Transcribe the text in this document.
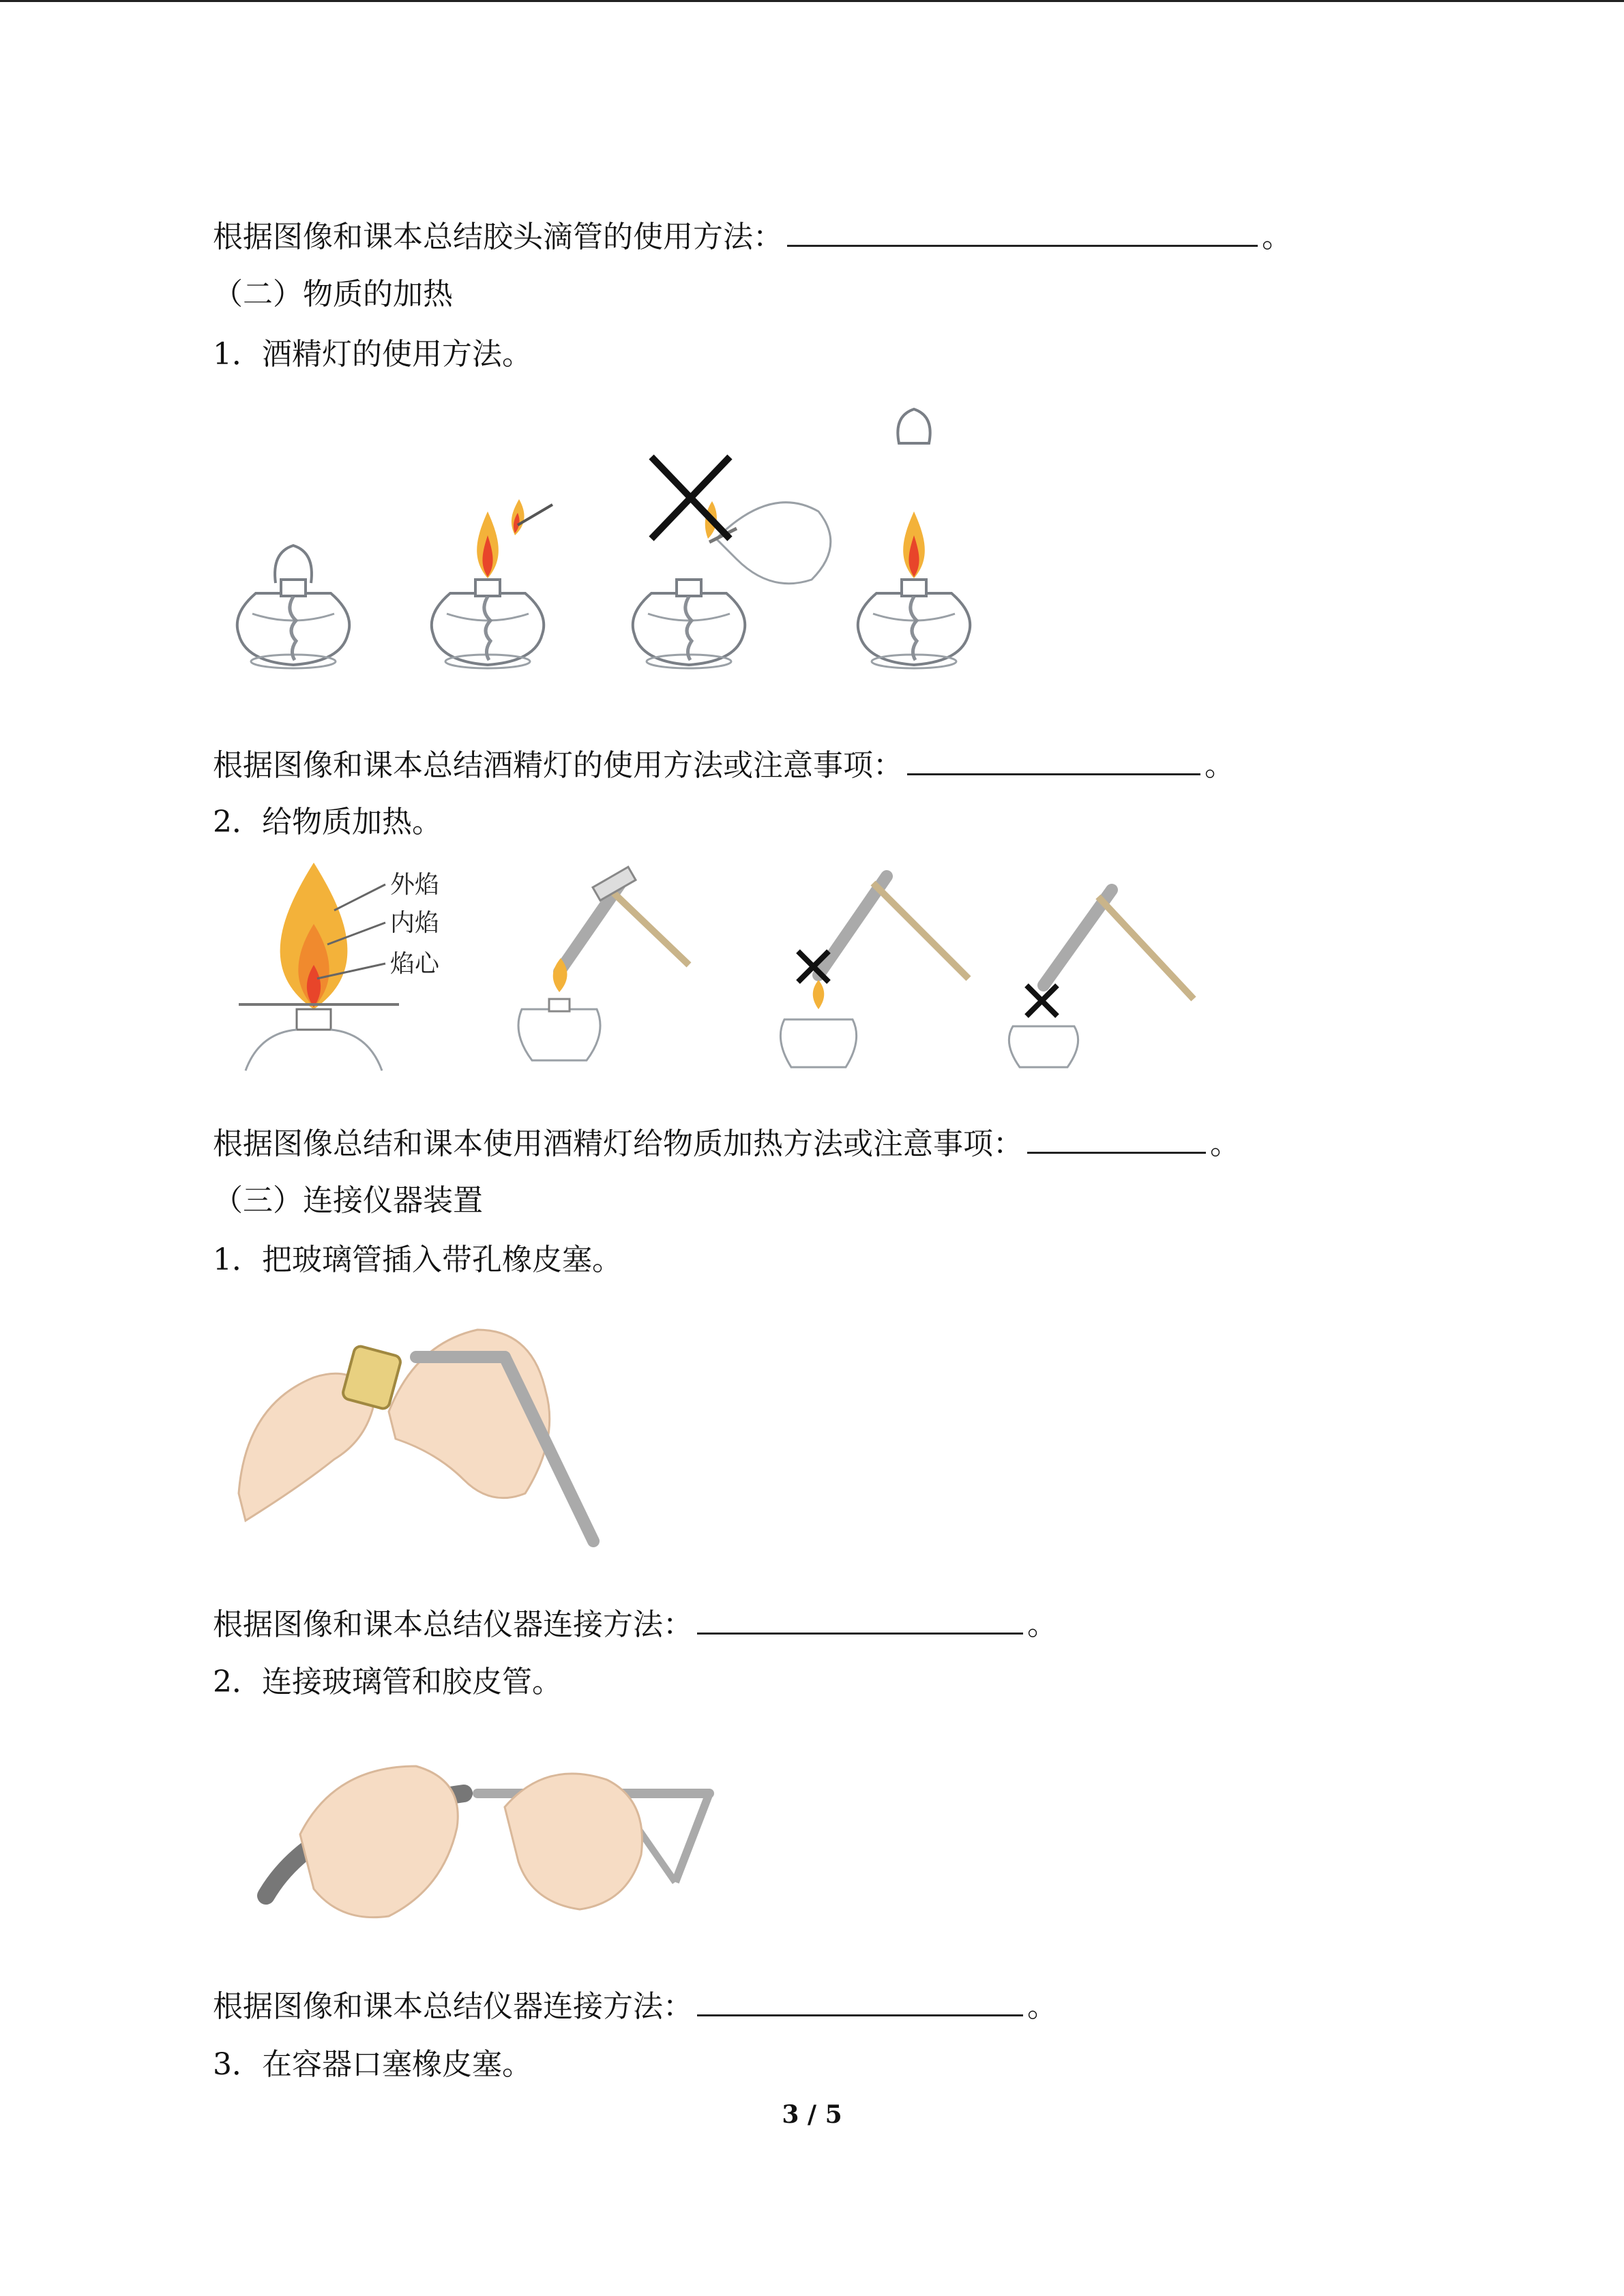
根据图像和课本总结胶头滴管的使用方法：	。
（二）物质的加热
1．酒精灯的使用方法。
根据图像和课本总结酒精灯的使用方法或注意事项：	。
2．给物质加热。
外焰
内焰
焰心
根据图像总结和课本使用酒精灯给物质加热方法或注意事项：	。
（三）连接仪器装置
1．把玻璃管插入带孔橡皮塞。
根据图像和课本总结仪器连接方法：	。
2．连接玻璃管和胶皮管。
根据图像和课本总结仪器连接方法：	。
3．在容器口塞橡皮塞。
3 / 5
